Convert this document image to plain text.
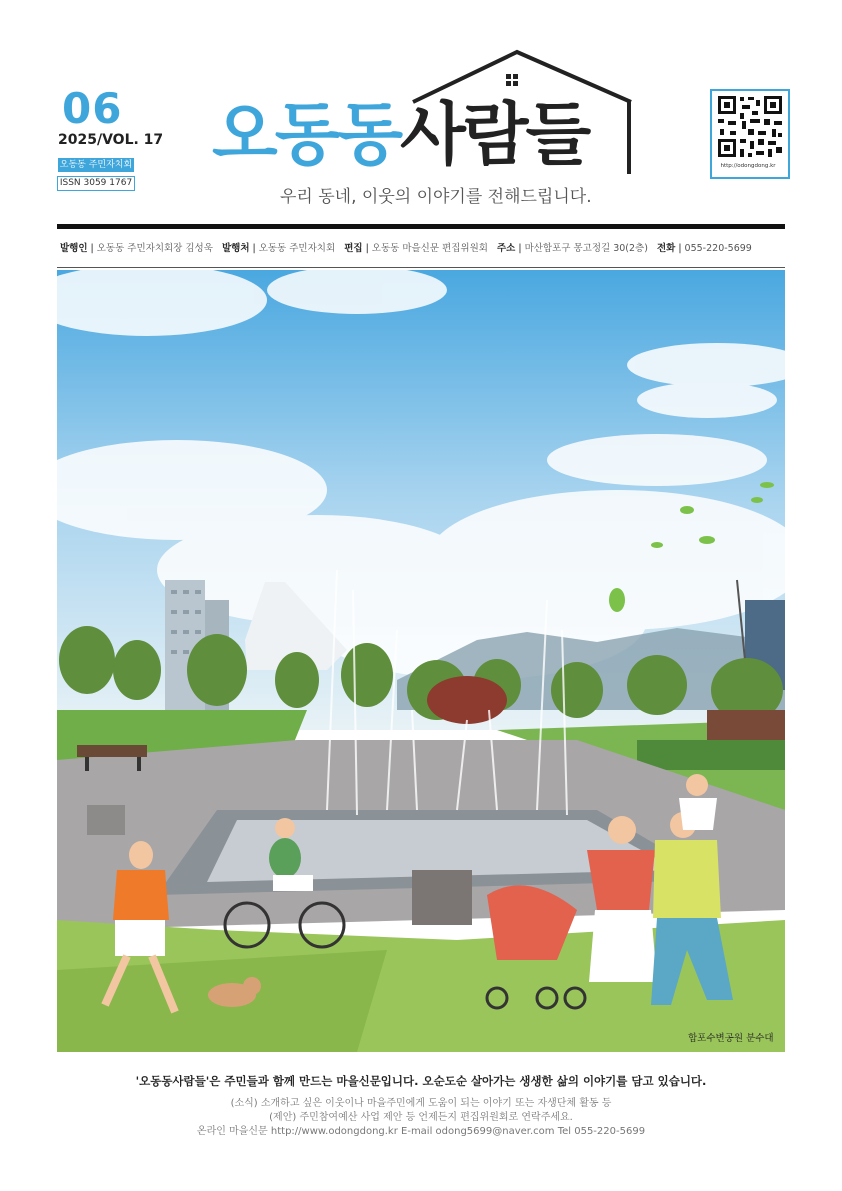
06
2025/VOL. 17
오동동 주민자치회
ISSN 3059 1767
오동동사람들
우리 동네, 이웃의 이야기를 전해드립니다.
http://odongdong.kr
발행인 | 오동동 주민자치회장 김성욱 발행처 | 오동동 주민자치회 편집 | 오동동 마을신문 편집위원회 주소 | 마산합포구 몽고정길 30(2층) 전화 | 055-220-5699
합포수변공원 분수대
'오동동사람들'은 주민들과 함께 만드는 마을신문입니다. 오순도순 살아가는 생생한 삶의 이야기를 담고 있습니다.
(소식) 소개하고 싶은 이웃이나 마을주민에게 도움이 되는 이야기 또는 자생단체 활동 등
(제안) 주민참여예산 사업 제안 등 언제든지 편집위원회로 연락주세요.
온라인 마을신문 http://www.odongdong.kr E-mail odong5699@naver.com Tel 055-220-5699
